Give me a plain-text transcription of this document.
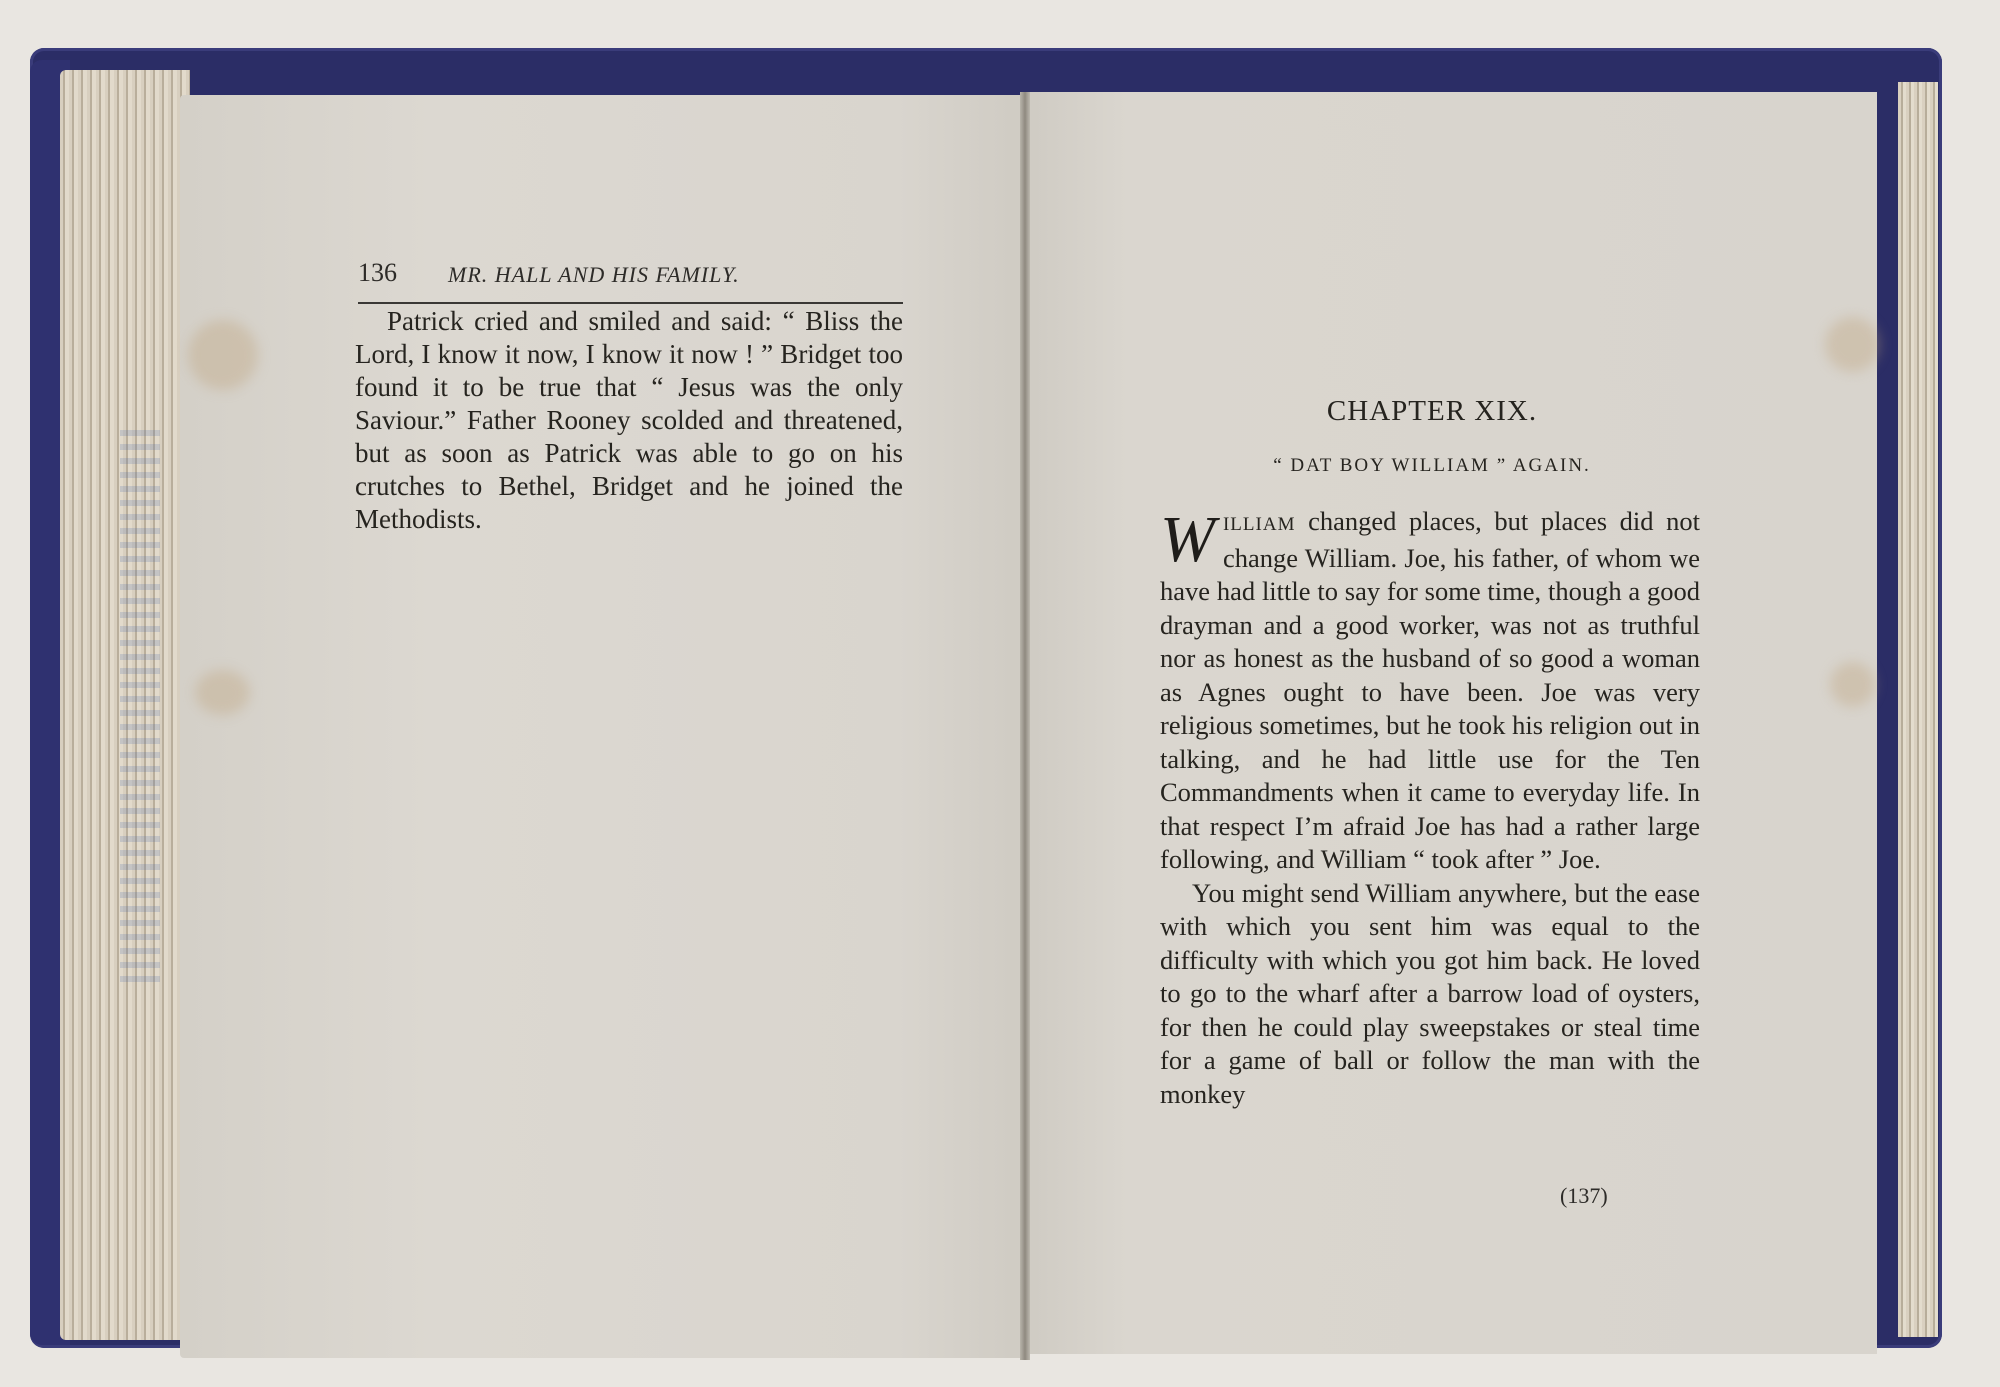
136 MR. HALL AND HIS FAMILY.

Patrick cried and smiled and said: “ Bliss the Lord, I know it now, I know it now ! ” Bridget too found it to be true that “ Jesus was the only Saviour.” Father Rooney scolded and threatened, but as soon as Patrick was able to go on his crutches to Bethel, Bridget and he joined the Methodists.

CHAPTER XIX.
“ DAT BOY WILLIAM ” AGAIN.

WILLIAM changed places, but places did not change William. Joe, his father, of whom we have had little to say for some time, though a good drayman and a good worker, was not as truthful nor as honest as the husband of so good a woman as Agnes ought to have been. Joe was very religious sometimes, but he took his religion out in talking, and he had little use for the Ten Commandments when it came to everyday life. In that respect I’m afraid Joe has had a rather large following, and William “ took after ” Joe.

You might send William anywhere, but the ease with which you sent him was equal to the difficulty with which you got him back. He loved to go to the wharf after a barrow load of oysters, for then he could play sweepstakes or steal time for a game of ball or follow the man with the monkey

(137)
